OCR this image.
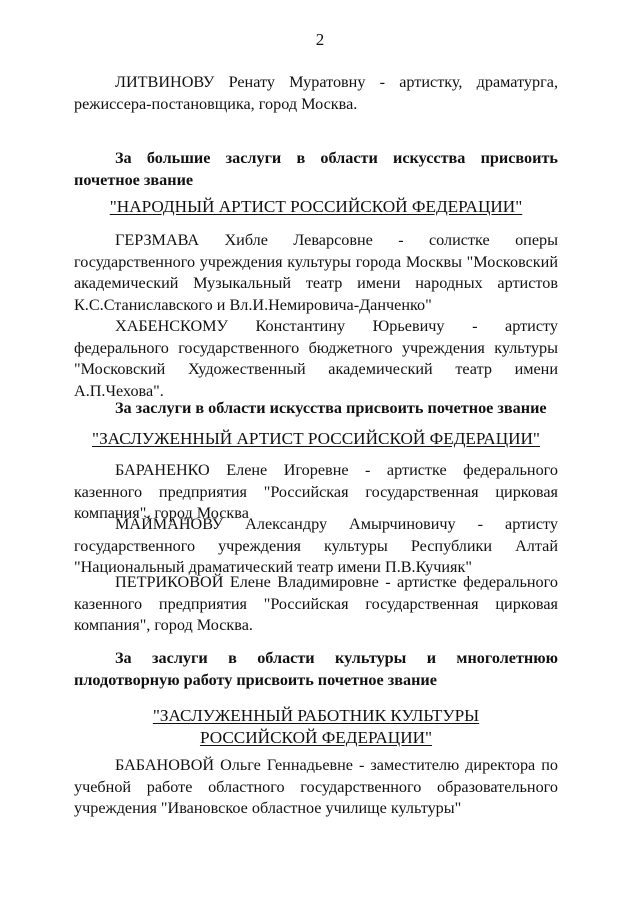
2

ЛИТВИНОВУ Ренату Муратовну - артистку, драматурга, режиссера-постановщика, город Москва.

За большие заслуги в области искусства присвоить почетное звание

"НАРОДНЫЙ АРТИСТ РОССИЙСКОЙ ФЕДЕРАЦИИ"

ГЕРЗМАВА Хибле Леварсовне - солистке оперы государственного учреждения культуры города Москвы "Московский академический Музыкальный театр имени народных артистов К.С.Станиславского и Вл.И.Немировича-Данченко"

ХАБЕНСКОМУ Константину Юрьевичу - артисту федерального государственного бюджетного учреждения культуры "Московский Художественный академический театр имени А.П.Чехова".

За заслуги в области искусства присвоить почетное звание

"ЗАСЛУЖЕННЫЙ АРТИСТ РОССИЙСКОЙ ФЕДЕРАЦИИ"

БАРАНЕНКО Елене Игоревне - артистке федерального казенного предприятия "Российская государственная цирковая компания", город Москва

МАЙМАНОВУ Александру Амырчиновичу - артисту государственного учреждения культуры Республики Алтай "Национальный драматический театр имени П.В.Кучияк"

ПЕТРИКОВОЙ Елене Владимировне - артистке федерального казенного предприятия "Российская государственная цирковая компания", город Москва.

За заслуги в области культуры и многолетнюю плодотворную работу присвоить почетное звание

"ЗАСЛУЖЕННЫЙ РАБОТНИК КУЛЬТУРЫ
РОССИЙСКОЙ ФЕДЕРАЦИИ"

БАБАНОВОЙ Ольге Геннадьевне - заместителю директора по учебной работе областного государственного образовательного учреждения "Ивановское областное училище культуры"
